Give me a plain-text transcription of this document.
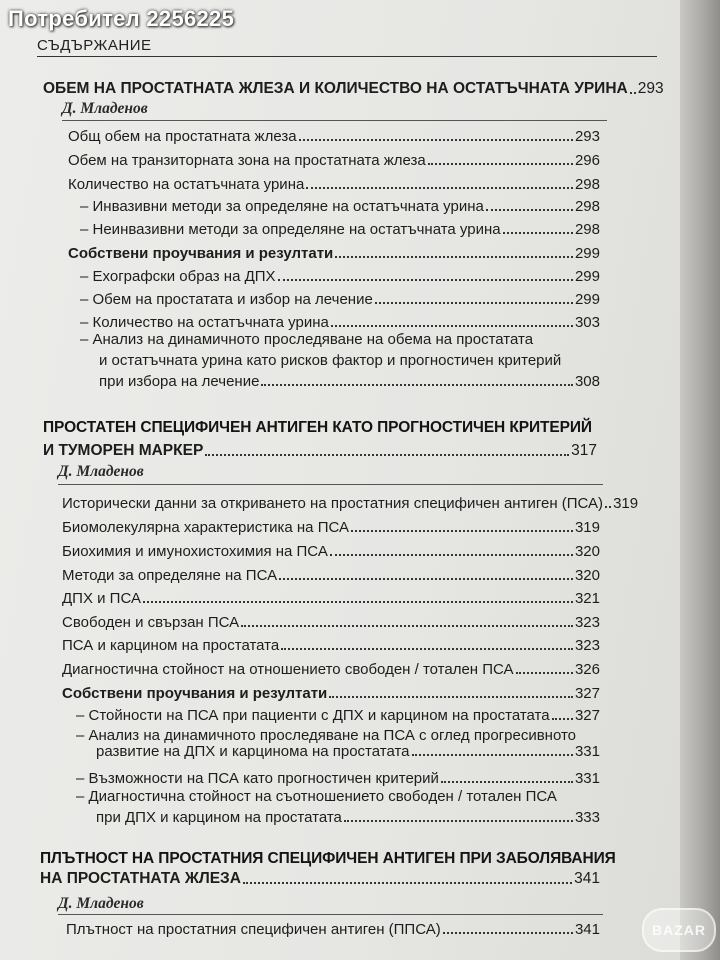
Потребител 2256225
СЪДЪРЖАНИЕ
ОБЕМ НА ПРОСТАТНАТА ЖЛЕЗА И КОЛИЧЕСТВО НА ОСТАТЪЧНАТА УРИНА 293
Д. Младенов
Общ обем на простатната жлеза	293
Обем на транзиторната зона на простатната жлеза	296
Количество на остатъчната урина	298
– Инвазивни методи за определяне на остатъчната урина	298
– Неинвазивни методи за определяне на остатъчната урина	298
Собствени проучвания и резултати	299
– Ехографски образ на ДПХ	299
– Обем на простатата и избор на лечение	299
– Количество на остатъчната урина	303
– Анализ на динамичното проследяване на обема на простатата
и остатъчната урина като рисков фактор и прогностичен критерий
при избора на лечение	308
ПРОСТАТЕН СПЕЦИФИЧЕН АНТИГЕН КАТО ПРОГНОСТИЧЕН КРИТЕРИЙ
И ТУМОРЕН МАРКЕР	317
Д. Младенов
Исторически данни за откриването на простатния специфичен антиген (ПСА) 319
Биомолекулярна характеристика на ПСА	319
Биохимия и имунохистохимия на ПСА	320
Методи за определяне на ПСА	320
ДПХ и ПСА	321
Свободен и свързан ПСА	323
ПСА и карцином на простатата	323
Диагностична стойност на отношението свободен / тотален ПСА	326
Собствени проучвания и резултати	327
– Стойности на ПСА при пациенти с ДПХ и карцином на простатата 327
– Анализ на динамичното проследяване на ПСА с оглед прогресивното
развитие на ДПХ и карцинома на простатата	331
– Възможности на ПСА като прогностичен критерий	331
– Диагностична стойност на съотношението свободен / тотален ПСА
при ДПХ и карцином на простатата	333
ПЛЪТНОСТ НА ПРОСТАТНИЯ СПЕЦИФИЧЕН АНТИГЕН ПРИ ЗАБОЛЯВАНИЯ
НА ПРОСТАТНАТА ЖЛЕЗА	341
Д. Младенов
Плътност на простатния специфичен антиген (ППСА)	341	BAZAR
